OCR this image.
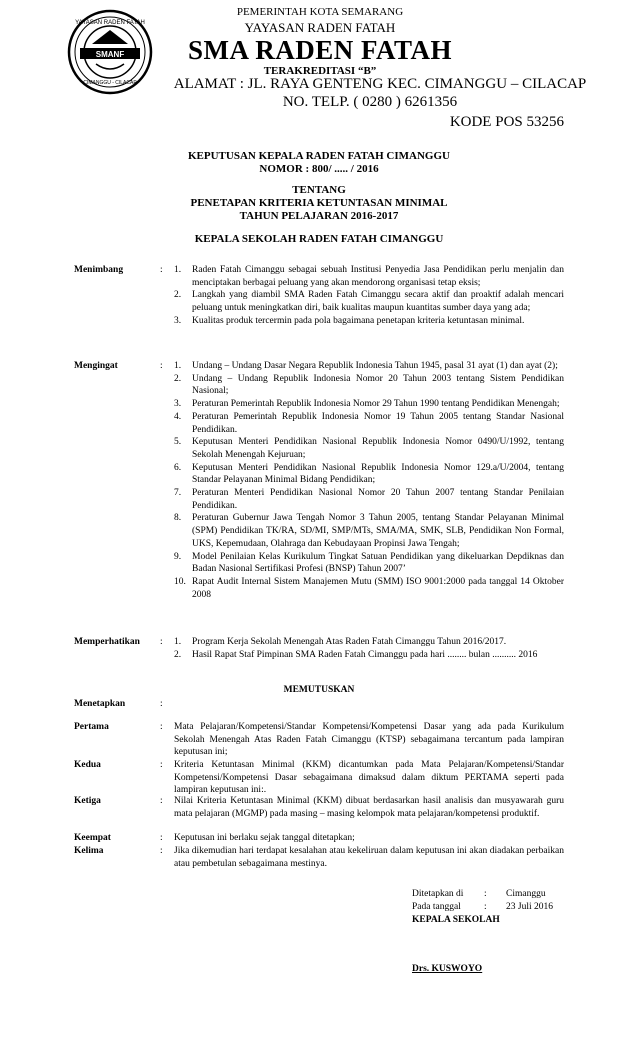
SMANF
YAYASAN RADEN FATAH
CIMANGGU - CILACAP
PEMERINTAH KOTA SEMARANG
YAYASAN RADEN FATAH
SMA RADEN FATAH
TERAKREDITASI “B”
ALAMAT : JL. RAYA GENTENG KEC. CIMANGGU – CILACAP
NO. TELP. ( 0280 ) 6261356
KODE POS 53256
KEPUTUSAN KEPALA RADEN FATAH CIMANGGU
NOMOR : 800/ ..... / 2016
TENTANG
PENETAPAN KRITERIA KETUNTASAN MINIMAL
TAHUN PELAJARAN 2016-2017
KEPALA SEKOLAH RADEN FATAH CIMANGGU
Menimbang	: 1. Raden Fatah Cimanggu sebagai sebuah Institusi Penyedia Jasa Pendidikan perlu menjalin dan menciptakan berbagai peluang yang akan mendorong organisasi tetap eksis;
2. Langkah yang diambil SMA Raden Fatah Cimanggu secara aktif dan proaktif adalah mencari peluang untuk meningkatkan diri, baik kualitas maupun kuantitas sumber daya yang ada;
3. Kualitas produk tercermin pada pola bagaimana penetapan kriteria ketuntasan minimal.
Mengingat	: 1. Undang – Undang Dasar Negara Republik Indonesia Tahun 1945, pasal 31 ayat (1) dan ayat (2);
2. Undang – Undang Republik Indonesia Nomor 20 Tahun 2003 tentang Sistem Pendidikan Nasional;
3. Peraturan Pemerintah Republik Indonesia Nomor 29 Tahun 1990 tentang Pendidikan Menengah;
4. Peraturan Pemerintah Republik Indonesia Nomor 19 Tahun 2005 tentang Standar Nasional Pendidikan.
5. Keputusan Menteri Pendidikan Nasional Republik Indonesia Nomor 0490/U/1992, tentang Sekolah Menengah Kejuruan;
6. Keputusan Menteri Pendidikan Nasional Republik Indonesia Nomor 129.a/U/2004, tentang Standar Pelayanan Minimal Bidang Pendidikan;
7. Peraturan Menteri Pendidikan Nasional Nomor 20 Tahun 2007 tentang Standar Penilaian Pendidikan.
8. Peraturan Gubernur Jawa Tengah Nomor 3 Tahun 2005, tentang Standar Pelayanan Minimal (SPM) Pendidikan TK/RA, SD/MI, SMP/MTs, SMA/MA, SMK, SLB, Pendidikan Non Formal, UKS, Kepemudaan, Olahraga dan Kebudayaan Propinsi Jawa Tengah;
9. Model Penilaian Kelas Kurikulum Tingkat Satuan Pendidikan yang dikeluarkan Depdiknas dan Badan Nasional Sertifikasi Profesi (BNSP) Tahun 2007’
10. Rapat Audit Internal Sistem Manajemen Mutu (SMM) ISO 9001:2000 pada tanggal 14 Oktober 2008
Memperhatikan : 1. Program Kerja Sekolah Menengah Atas Raden Fatah Cimanggu Tahun 2016/2017.
2. Hasil Rapat Staf Pimpinan SMA Raden Fatah Cimanggu pada hari ........ bulan .......... 2016
MEMUTUSKAN
Menetapkan	:
Pertama	: Mata Pelajaran/Kompetensi/Standar Kompetensi/Kompetensi Dasar yang ada pada Kurikulum Sekolah Menengah Atas Raden Fatah Cimanggu (KTSP) sebagaimana tercantum pada lampiran keputusan ini;
Kedua	: Kriteria Ketuntasan Minimal (KKM) dicantumkan pada Mata Pelajaran/Kompetensi/Standar Kompetensi/Kompetensi Dasar sebagaimana dimaksud dalam diktum PERTAMA seperti pada lampiran keputusan ini:.
Ketiga	: Nilai Kriteria Ketuntasan Minimal (KKM) dibuat berdasarkan hasil analisis dan musyawarah guru mata pelajaran (MGMP) pada masing – masing kelompok mata pelajaran/kompetensi produktif.
Keempat	: Keputusan ini berlaku sejak tanggal ditetapkan;
Kelima	: Jika dikemudian hari terdapat kesalahan atau kekeliruan dalam keputusan ini akan diadakan perbaikan atau pembetulan sebagaimana mestinya.
Ditetapkan di : Cimanggu
Pada tanggal : 23 Juli 2016
KEPALA SEKOLAH
Drs. KUSWOYO
